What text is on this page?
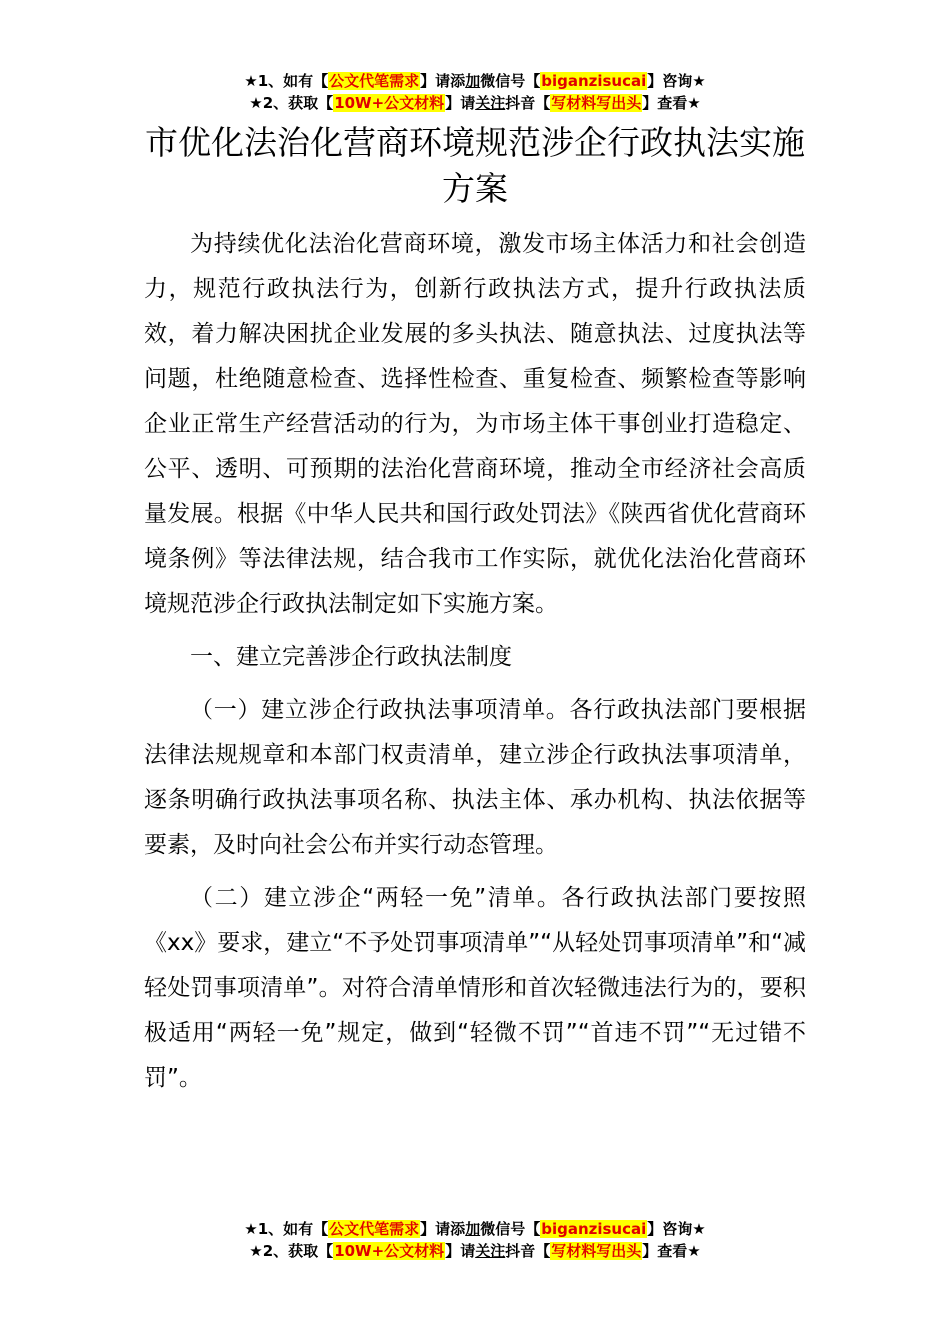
★1、如有【公文代笔需求】请添加微信号【biganzisucai】咨询★
★2、获取【10W+公文材料】请关注抖音【写材料写出头】查看★
市优化法治化营商环境规范涉企行政执法实施方案

为持续优化法治化营商环境，激发市场主体活力和社会创造力，规范行政执法行为，创新行政执法方式，提升行政执法质效，着力解决困扰企业发展的多头执法、随意执法、过度执法等问题，杜绝随意检查、选择性检查、重复检查、频繁检查等影响企业正常生产经营活动的行为，为市场主体干事创业打造稳定、公平、透明、可预期的法治化营商环境，推动全市经济社会高质量发展。根据《中华人民共和国行政处罚法》《陕西省优化营商环境条例》等法律法规，结合我市工作实际，就优化法治化营商环境规范涉企行政执法制定如下实施方案。

一、建立完善涉企行政执法制度

（一）建立涉企行政执法事项清单。各行政执法部门要根据法律法规规章和本部门权责清单，建立涉企行政执法事项清单，逐条明确行政执法事项名称、执法主体、承办机构、执法依据等要素，及时向社会公布并实行动态管理。

（二）建立涉企“两轻一免”清单。各行政执法部门要按照《xx》要求，建立“不予处罚事项清单”“从轻处罚事项清单”和“减轻处罚事项清单”。对符合清单情形和首次轻微违法行为的，要积极适用“两轻一免”规定，做到“轻微不罚”“首违不罚”“无过错不罚”。

★1、如有【公文代笔需求】请添加微信号【biganzisucai】咨询★
★2、获取【10W+公文材料】请关注抖音【写材料写出头】查看★
